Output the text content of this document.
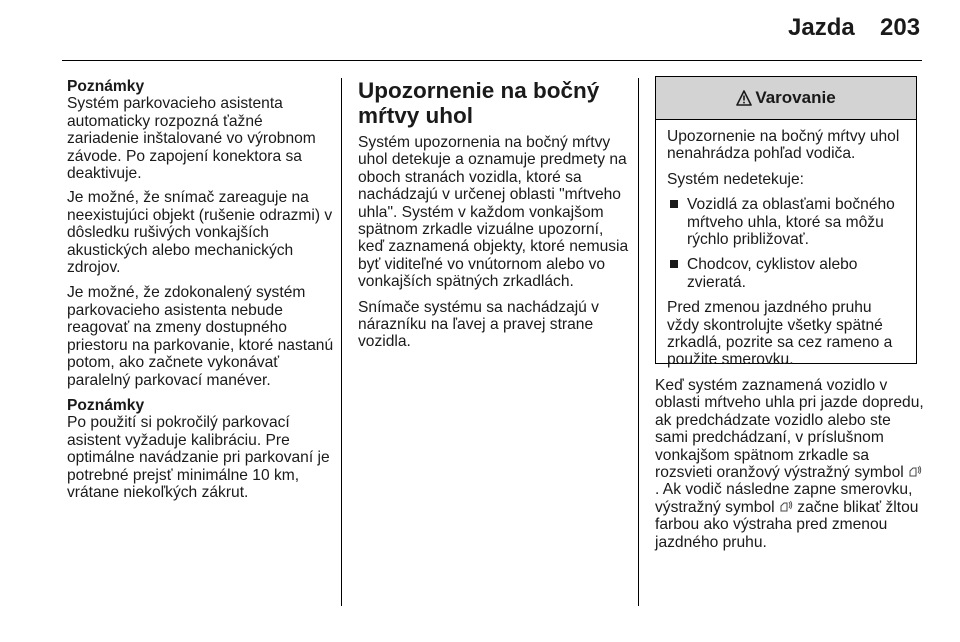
Jazda 203

Poznámky

Systém parkovacieho asistenta automaticky rozpozná ťažné zariadenie inštalované vo výrobnom závode. Po zapojení konektora sa deaktivuje.

Je možné, že snímač zareaguje na neexistujúci objekt (rušenie odrazmi) v dôsledku rušivých vonkajších akustických alebo mechanických zdrojov.

Je možné, že zdokonalený systém parkovacieho asistenta nebude reagovať na zmeny dostupného priestoru na parkovanie, ktoré nastanú potom, ako začnete vykonávať paralelný parkovací manéver.

Poznámky

Po použití si pokročilý parkovací asistent vyžaduje kalibráciu. Pre optimálne navádzanie pri parkovaní je potrebné prejsť minimálne 10 km, vrátane niekoľkých zákrut.

Upozornenie na bočný mŕtvy uhol

Systém upozornenia na bočný mŕtvy uhol detekuje a oznamuje predmety na oboch stranách vozidla, ktoré sa nachádzajú v určenej oblasti "mŕtveho uhla". Systém v každom vonkajšom spätnom zrkadle vizuálne upozorní, keď zaznamená objekty, ktoré nemusia byť viditeľné vo vnútornom alebo vo vonkajších spätných zrkadlách.

Snímače systému sa nachádzajú v nárazníku na ľavej a pravej strane vozidla.

Varovanie

Upozornenie na bočný mŕtvy uhol nenahrádza pohľad vodiča.

Systém nedetekuje:

Vozidlá za oblasťami bočného mŕtveho uhla, ktoré sa môžu rýchlo približovať.
Chodcov, cyklistov alebo zvieratá.

Pred zmenou jazdného pruhu vždy skontrolujte všetky spätné zrkadlá, pozrite sa cez rameno a použite smerovku.

Keď systém zaznamená vozidlo v oblasti mŕtveho uhla pri jazde dopredu, ak predchádzate vozidlo alebo ste sami predchádzaní, v príslušnom vonkajšom spätnom zrkadle sa rozsvieti oranžový výstražný symbol . Ak vodič následne zapne smerovku, výstražný symbol začne blikať žltou farbou ako výstraha pred zmenou jazdného pruhu.
